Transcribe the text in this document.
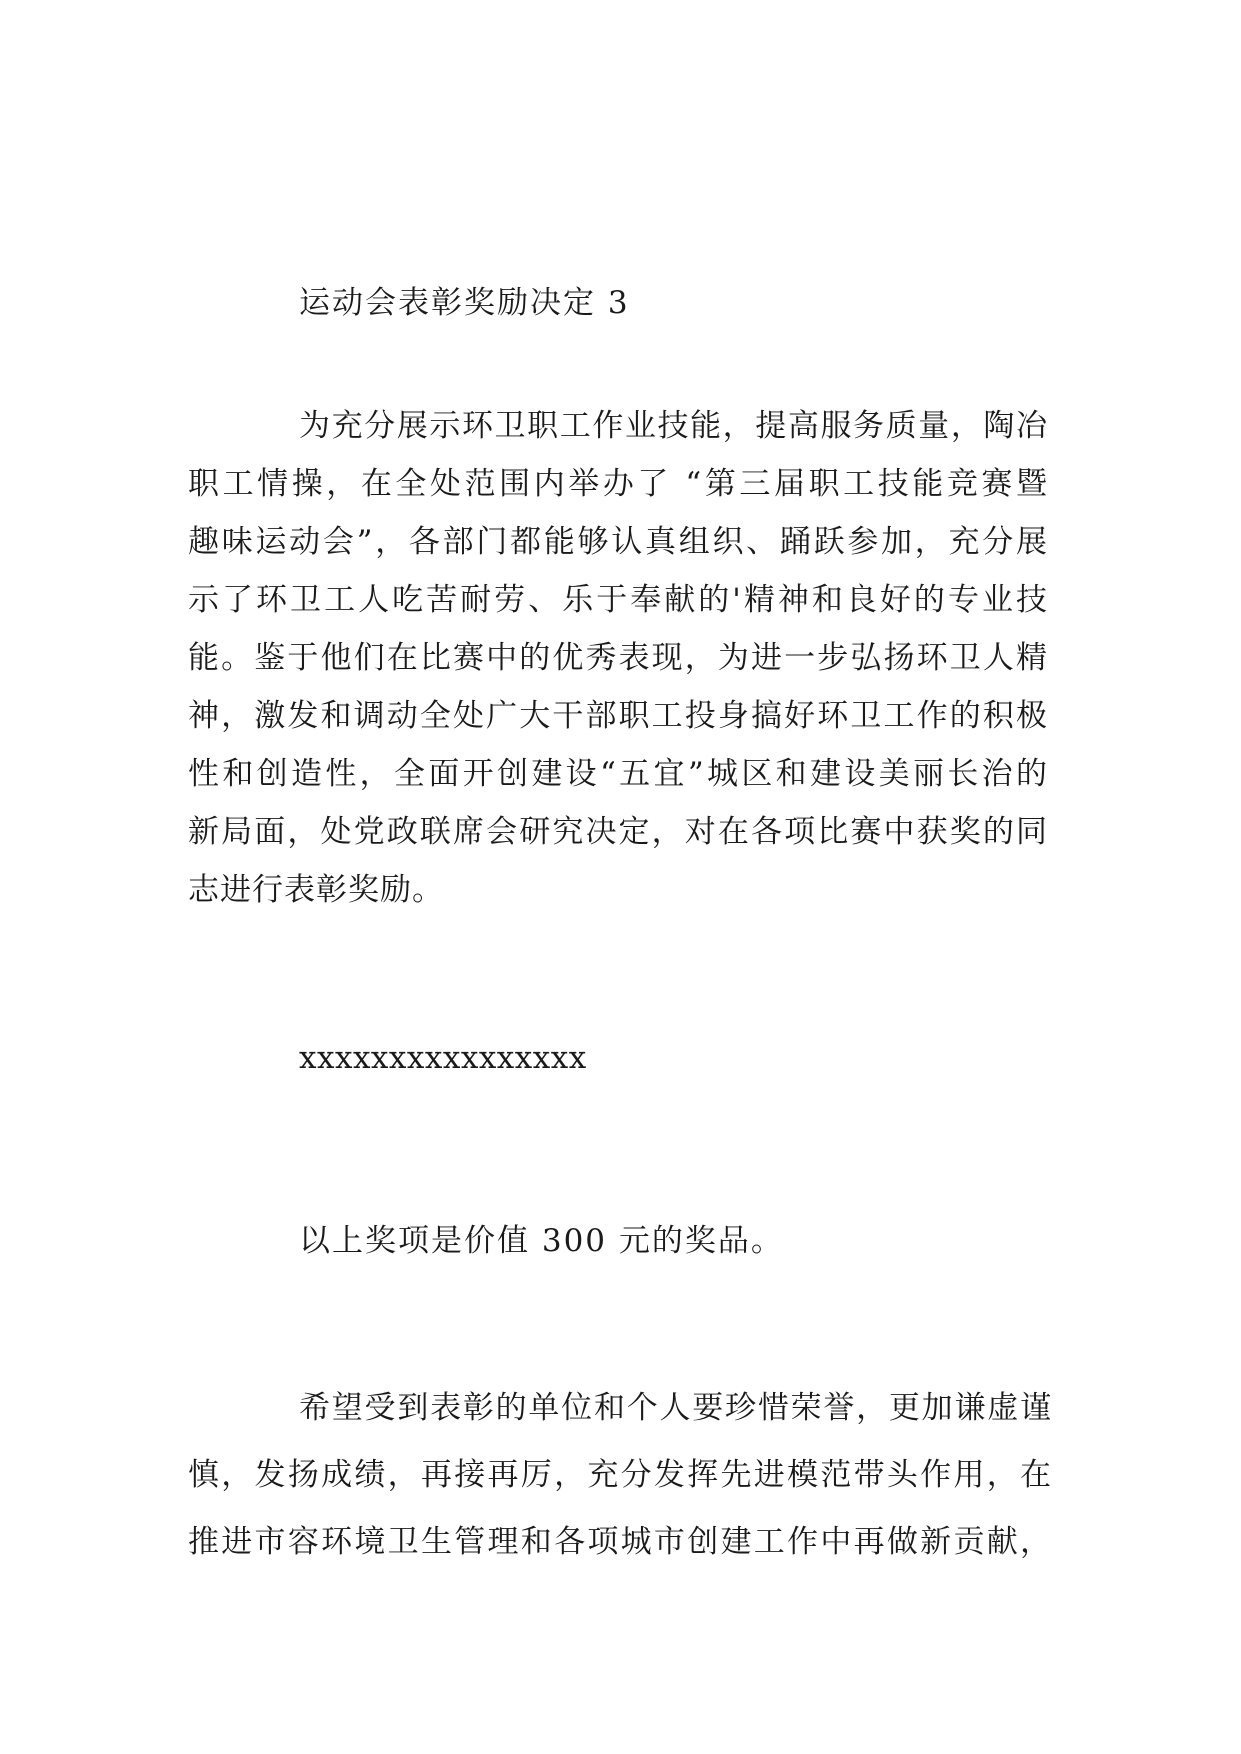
运动会表彰奖励决定 3
为充分展示环卫职工作业技能，提高服务质量，陶冶
职工情操，在全处范围内举办了 “第三届职工技能竞赛暨
趣味运动会”，各部门都能够认真组织、踊跃参加，充分展
示了环卫工人吃苦耐劳、乐于奉献的'精神和良好的专业技
能。鉴于他们在比赛中的优秀表现，为进一步弘扬环卫人精
神，激发和调动全处广大干部职工投身搞好环卫工作的积极
性和创造性，全面开创建设“五宜”城区和建设美丽长治的
新局面，处党政联席会研究决定，对在各项比赛中获奖的同
志进行表彰奖励。
xxxxxxxxxxxxxxxx
以上奖项是价值 300 元的奖品。
希望受到表彰的单位和个人要珍惜荣誉，更加谦虚谨
慎，发扬成绩，再接再厉，充分发挥先进模范带头作用，在
推进市容环境卫生管理和各项城市创建工作中再做新贡献，
